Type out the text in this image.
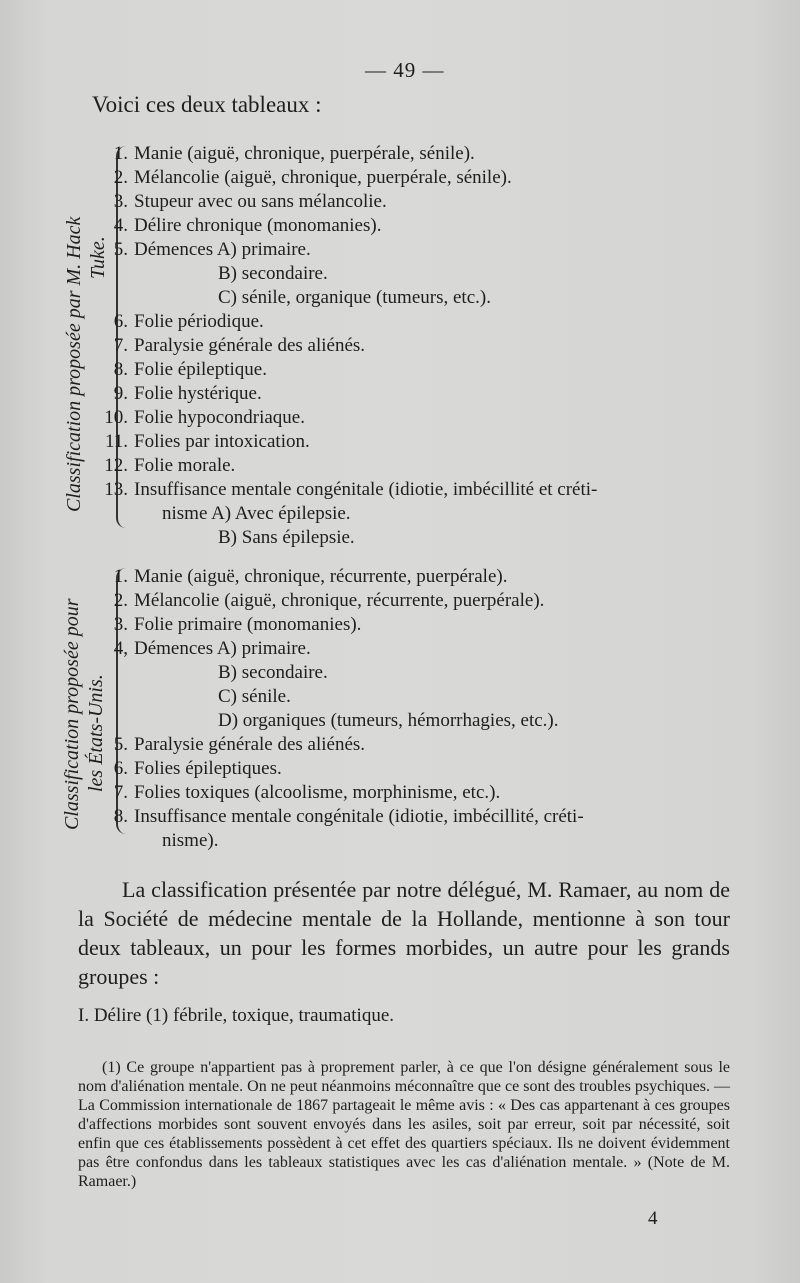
— 49 —
Voici ces deux tableaux :
Classification proposée par M. Hack Tuke.
1. Manie (aiguë, chronique, puerpérale, sénile).
2. Mélancolie (aiguë, chronique, puerpérale, sénile).
3. Stupeur avec ou sans mélancolie.
4. Délire chronique (monomanies).
5. Démences A) primaire.
B) secondaire.
C) sénile, organique (tumeurs, etc.).
6. Folie périodique.
7. Paralysie générale des aliénés.
8. Folie épileptique.
9. Folie hystérique.
10. Folie hypocondriaque.
11. Folies par intoxication.
12. Folie morale.
13. Insuffisance mentale congénitale (idiotie, imbécillité et créti-
nisme A) Avec épilepsie.
B) Sans épilepsie.
Classification proposée pour les États-Unis.
1. Manie (aiguë, chronique, récurrente, puerpérale).
2. Mélancolie (aiguë, chronique, récurrente, puerpérale).
3. Folie primaire (monomanies).
4, Démences A) primaire.
B) secondaire.
C) sénile.
D) organiques (tumeurs, hémorrhagies, etc.).
5. Paralysie générale des aliénés.
6. Folies épileptiques.
7. Folies toxiques (alcoolisme, morphinisme, etc.).
8. Insuffisance mentale congénitale (idiotie, imbécillité, créti-
nisme).

La classification présentée par notre délégué, M. Ramaer, au nom de la Société de médecine mentale de la Hollande, mentionne à son tour deux tableaux, un pour les formes morbides, un autre pour les grands groupes :

I. Délire (1) fébrile, toxique, traumatique.

(1) Ce groupe n'appartient pas à proprement parler, à ce que l'on désigne généralement sous le nom d'aliénation mentale. On ne peut néanmoins méconnaître que ce sont des troubles psychiques. — La Commission internationale de 1867 partageait le même avis : « Des cas appartenant à ces groupes d'affections morbides sont souvent envoyés dans les asiles, soit par erreur, soit par nécessité, soit enfin que ces établissements possèdent à cet effet des quartiers spéciaux. Ils ne doivent évidemment pas être confondus dans les tableaux statistiques avec les cas d'aliénation mentale. » (Note de M. Ramaer.)

4
